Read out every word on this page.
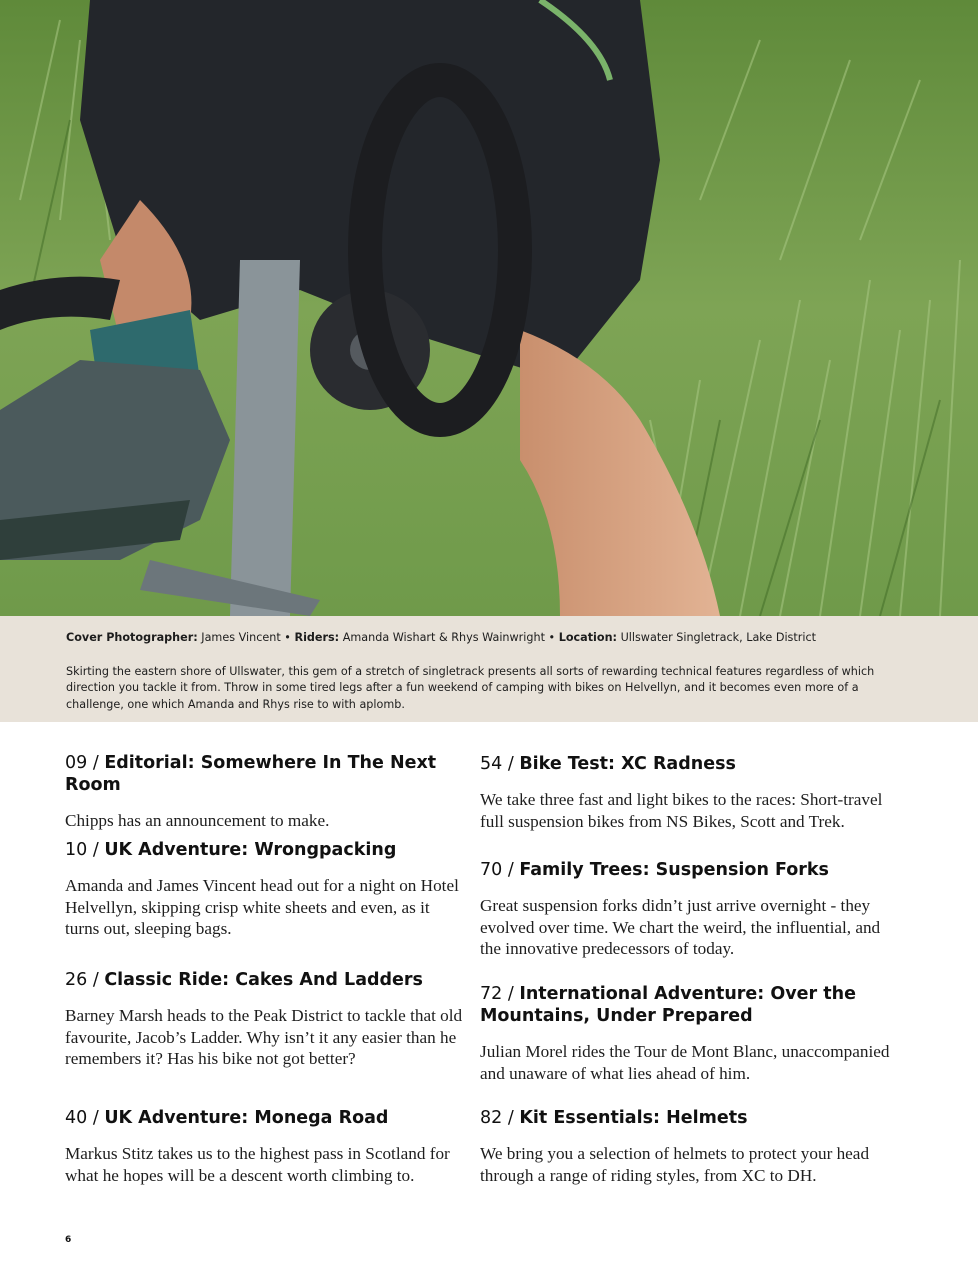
Cover Photographer: James Vincent • Riders: Amanda Wishart & Rhys Wainwright • Location: Ullswater Singletrack, Lake District

Skirting the eastern shore of Ullswater, this gem of a stretch of singletrack presents all sorts of rewarding technical features regardless of which direction you tackle it from. Throw in some tired legs after a fun weekend of camping with bikes on Helvellyn, and it becomes even more of a challenge, one which Amanda and Rhys rise to with aplomb.

09 / Editorial: Somewhere In The Next Room

Chipps has an announcement to make.

10 / UK Adventure: Wrongpacking

Amanda and James Vincent head out for a night on Hotel Helvellyn, skipping crisp white sheets and even, as it turns out, sleeping bags.

26 / Classic Ride: Cakes And Ladders

Barney Marsh heads to the Peak District to tackle that old favourite, Jacob’s Ladder. Why isn’t it any easier than he remembers it? Has his bike not got better?

40 / UK Adventure: Monega Road

Markus Stitz takes us to the highest pass in Scotland for what he hopes will be a descent worth climbing to.

54 / Bike Test: XC Radness

We take three fast and light bikes to the races: Short-travel full suspension bikes from NS Bikes, Scott and Trek.

70 / Family Trees: Suspension Forks

Great suspension forks didn’t just arrive overnight - they evolved over time. We chart the weird, the influential, and the innovative predecessors of today.

72 / International Adventure: Over the Mountains, Under Prepared

Julian Morel rides the Tour de Mont Blanc, unaccompanied and unaware of what lies ahead of him.

82 / Kit Essentials: Helmets

We bring you a selection of helmets to protect your head through a range of riding styles, from XC to DH.

6
